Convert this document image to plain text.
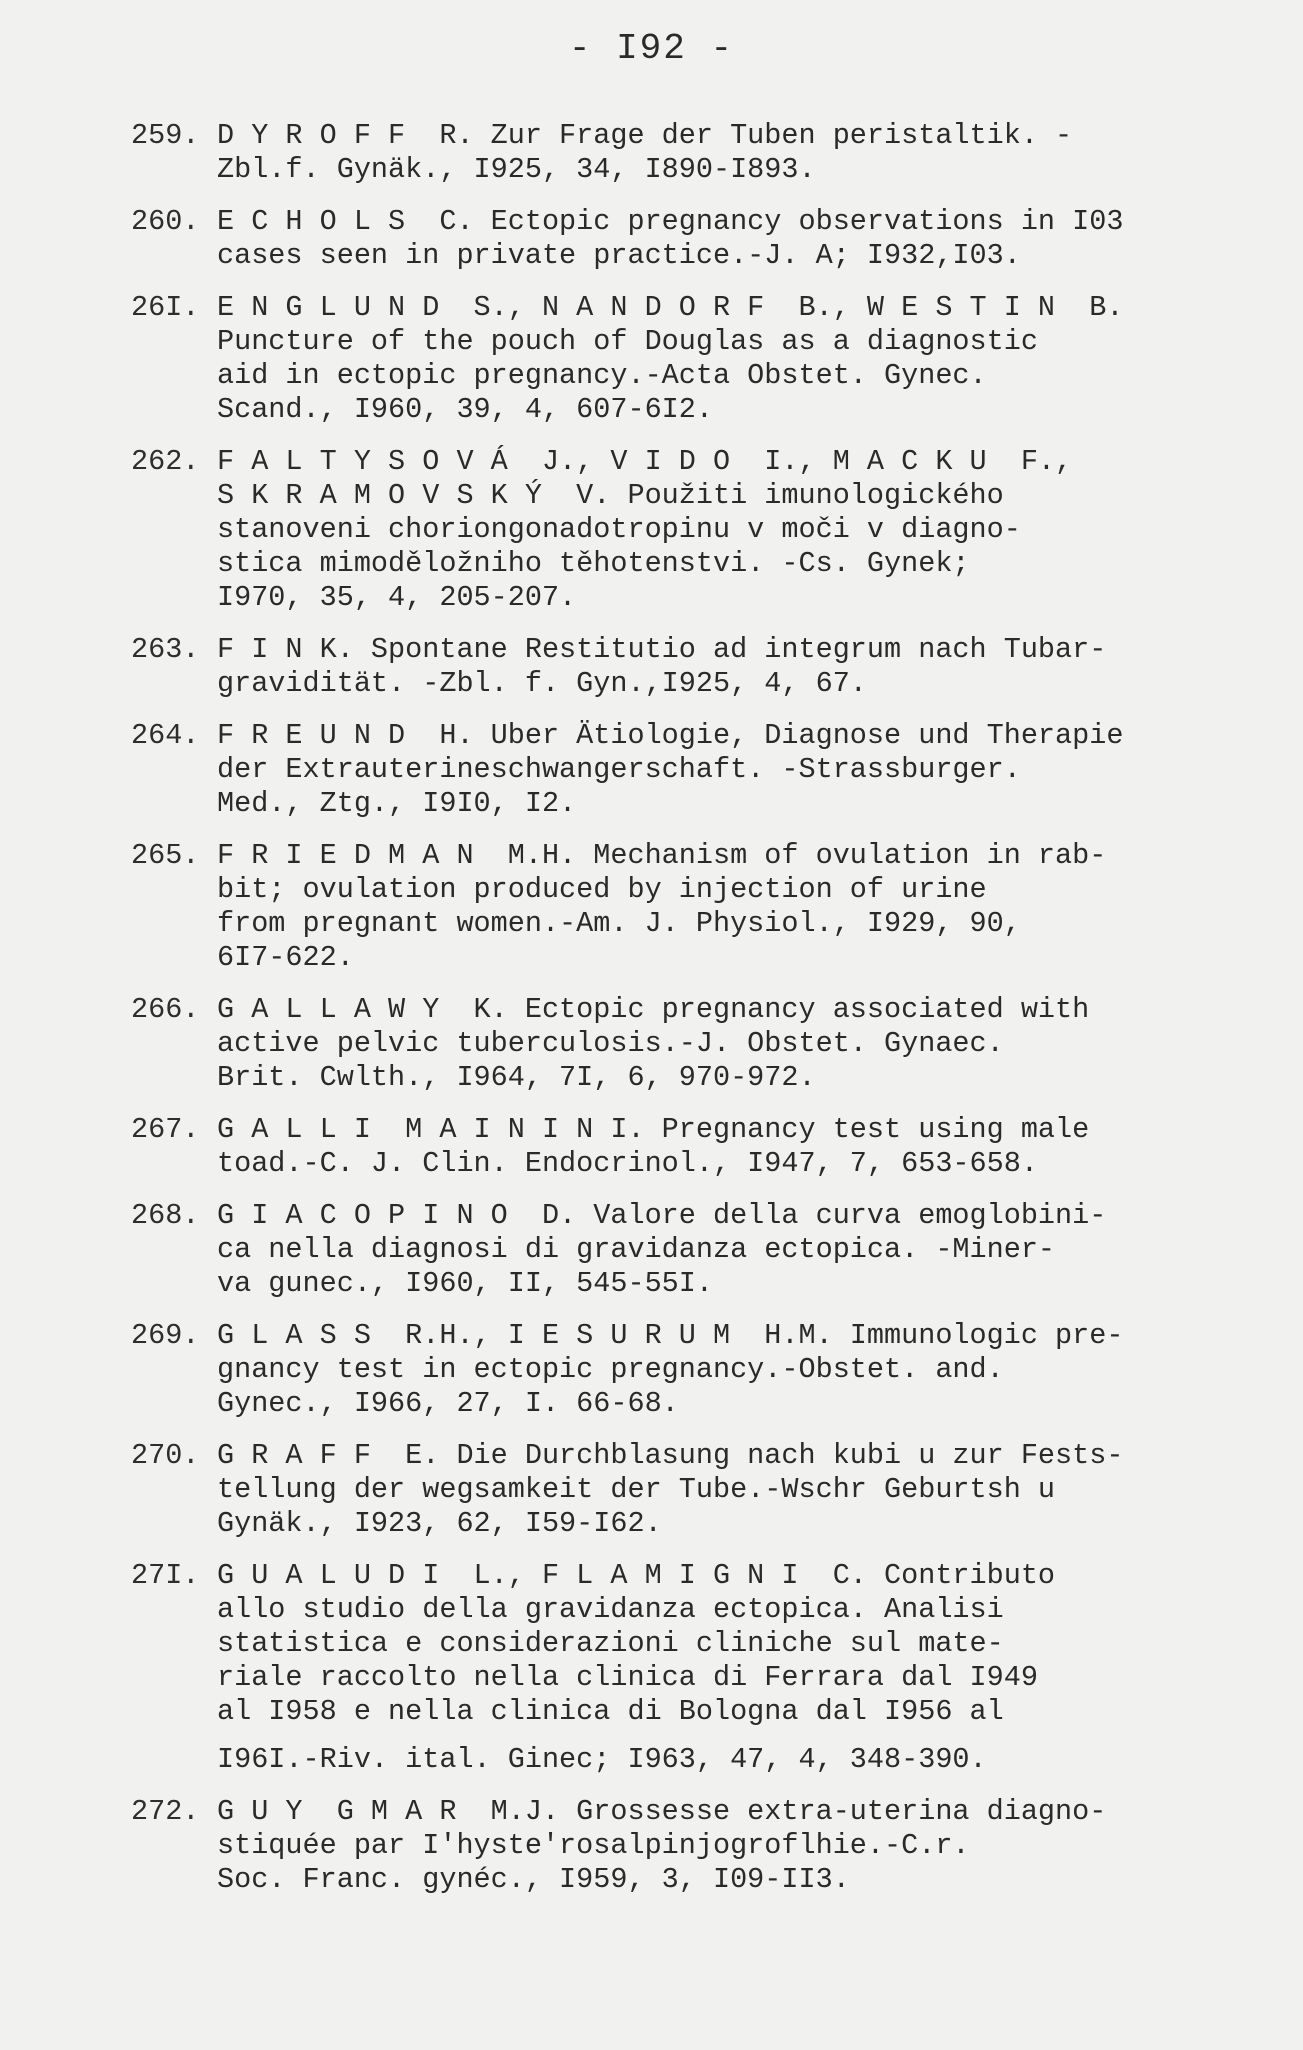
- I92 -
259. D Y R O F F  R. Zur Frage der Tuben peristaltik. -
Zbl.f. Gynäk., I925, 34, I890-I893.
260. E C H O L S  C. Ectopic pregnancy observations in I03
cases seen in private practice.-J. A; I932,I03.
26I. E N G L U N D  S., N A N D O R F  B., W E S T I N  B.
Puncture of the pouch of Douglas as a diagnostic
aid in ectopic pregnancy.-Acta Obstet. Gynec.
Scand., I960, 39, 4, 607-6I2.
262. F A L T Y S O V Á  J., V I D O  I., M A C K U  F.,
S K R A M O V S K Ý  V. Použiti imunologického
stanoveni choriongonadotropinu v moči v diagno-
stica mimoděložniho těhotenstvi. -Cs. Gynek;
I970, 35, 4, 205-207.
263. F I N K. Spontane Restitutio ad integrum nach Tubar-
gravidität. -Zbl. f. Gyn.,I925, 4, 67.
264. F R E U N D  H. Uber Ätiologie, Diagnose und Therapie
der Extrauterineschwangerschaft. -Strassburger.
Med., Ztg., I9I0, I2.
265. F R I E D M A N  M.H. Mechanism of ovulation in rab-
bit; ovulation produced by injection of urine
from pregnant women.-Am. J. Physiol., I929, 90,
6I7-622.
266. G A L L A W Y  K. Ectopic pregnancy associated with
active pelvic tuberculosis.-J. Obstet. Gynaec.
Brit. Cwlth., I964, 7I, 6, 970-972.
267. G A L L I  M A I N I N I. Pregnancy test using male
toad.-C. J. Clin. Endocrinol., I947, 7, 653-658.
268. G I A C O P I N O  D. Valore della curva emoglobini-
ca nella diagnosi di gravidanza ectopica. -Miner-
va gunec., I960, II, 545-55I.
269. G L A S S  R.H., I E S U R U M  H.M. Immunologic pre-
gnancy test in ectopic pregnancy.-Obstet. and.
Gynec., I966, 27, I. 66-68.
270. G R A F F  E. Die Durchblasung nach kubi u zur Fests-
tellung der wegsamkeit der Tube.-Wschr Geburtsh u
Gynäk., I923, 62, I59-I62.
27I. G U A L U D I  L., F L A M I G N I  C. Contributo
allo studio della gravidanza ectopica. Analisi
statistica e considerazioni cliniche sul mate-
riale raccolto nella clinica di Ferrara dal I949
al I958 e nella clinica di Bologna dal I956 al
I96I.-Riv. ital. Ginec; I963, 47, 4, 348-390.
272. G U Y  G M A R  M.J. Grossesse extra-uterina diagno-
stiquée par I'hyste'rosalpinjogroflhie.-C.r.
Soc. Franc. gynéc., I959, 3, I09-II3.
